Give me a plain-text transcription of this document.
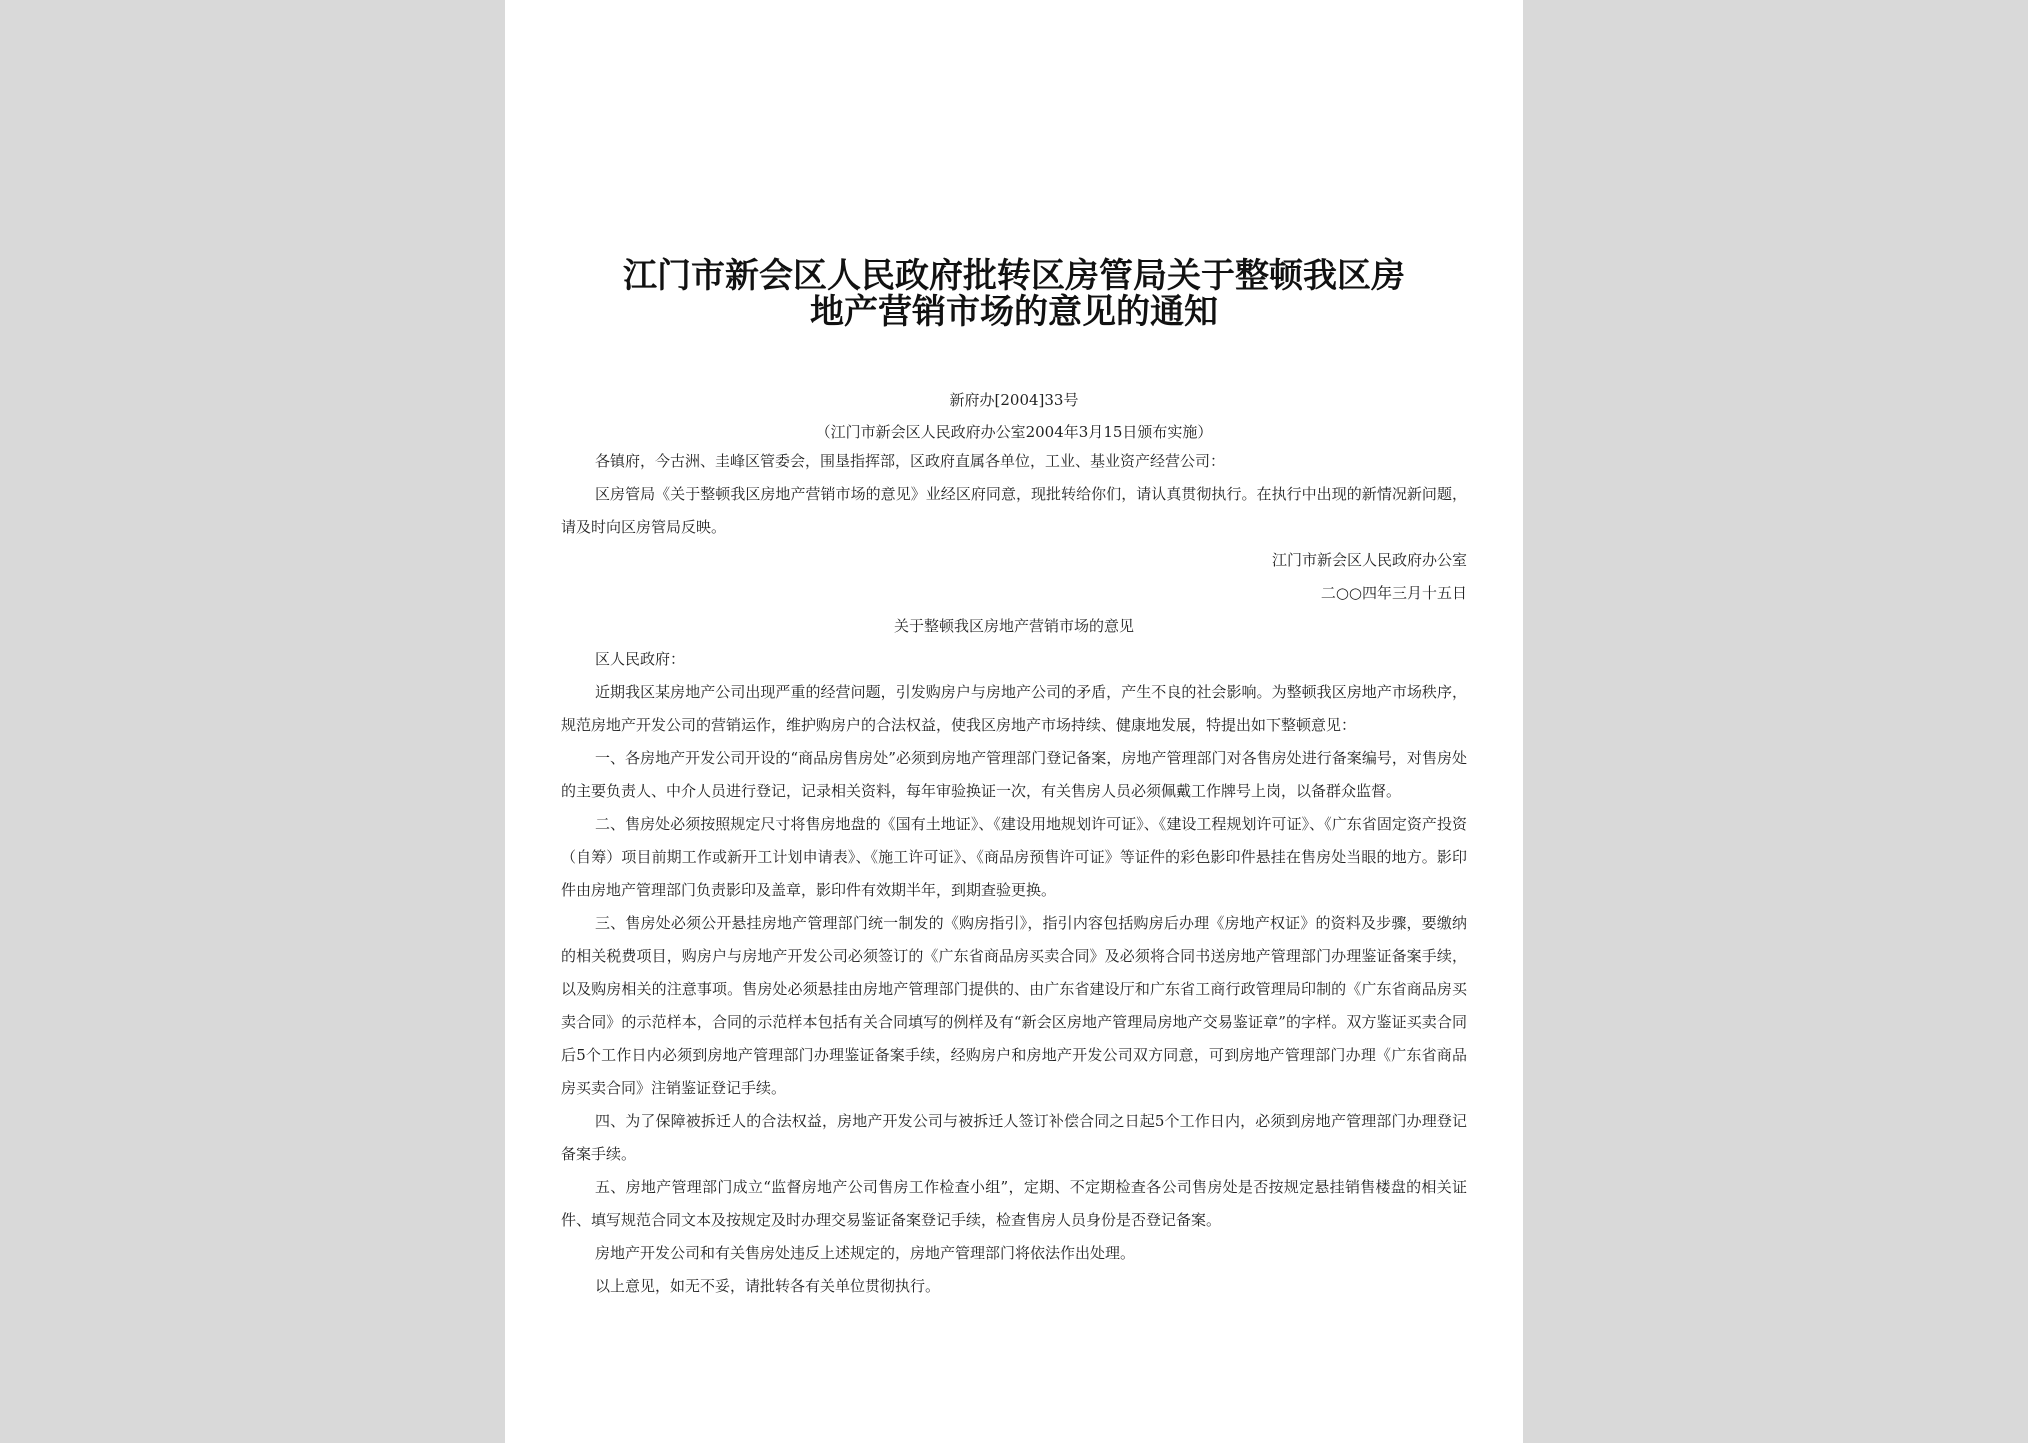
江门市新会区人民政府批转区房管局关于整顿我区房
地产营销市场的意见的通知
新府办[2004]33号
（江门市新会区人民政府办公室2004年3月15日颁布实施）

各镇府，今古洲、圭峰区管委会，围垦指挥部，区政府直属各单位，工业、基业资产经营公司：

区房管局《关于整顿我区房地产营销市场的意见》业经区府同意，现批转给你们，请认真贯彻执行。在执行中出现的新情况新问题，请及时向区房管局反映。

江门市新会区人民政府办公室

二○○四年三月十五日

关于整顿我区房地产营销市场的意见

区人民政府：

近期我区某房地产公司出现严重的经营问题，引发购房户与房地产公司的矛盾，产生不良的社会影响。为整顿我区房地产市场秩序，规范房地产开发公司的营销运作，维护购房户的合法权益，使我区房地产市场持续、健康地发展，特提出如下整顿意见：

一、各房地产开发公司开设的“商品房售房处”必须到房地产管理部门登记备案，房地产管理部门对各售房处进行备案编号，对售房处的主要负责人、中介人员进行登记，记录相关资料，每年审验换证一次，有关售房人员必须佩戴工作牌号上岗，以备群众监督。

二、售房处必须按照规定尺寸将售房地盘的《国有土地证》、《建设用地规划许可证》、《建设工程规划许可证》、《广东省固定资产投资（自筹）项目前期工作或新开工计划申请表》、《施工许可证》、《商品房预售许可证》等证件的彩色影印件悬挂在售房处当眼的地方。影印件由房地产管理部门负责影印及盖章，影印件有效期半年，到期查验更换。

三、售房处必须公开悬挂房地产管理部门统一制发的《购房指引》，指引内容包括购房后办理《房地产权证》的资料及步骤，要缴纳的相关税费项目，购房户与房地产开发公司必须签订的《广东省商品房买卖合同》及必须将合同书送房地产管理部门办理鉴证备案手续，以及购房相关的注意事项。售房处必须悬挂由房地产管理部门提供的、由广东省建设厅和广东省工商行政管理局印制的《广东省商品房买卖合同》的示范样本，合同的示范样本包括有关合同填写的例样及有“新会区房地产管理局房地产交易鉴证章”的字样。双方鉴证买卖合同后5个工作日内必须到房地产管理部门办理鉴证备案手续，经购房户和房地产开发公司双方同意，可到房地产管理部门办理《广东省商品房买卖合同》注销鉴证登记手续。

四、为了保障被拆迁人的合法权益，房地产开发公司与被拆迁人签订补偿合同之日起5个工作日内，必须到房地产管理部门办理登记备案手续。

五、房地产管理部门成立“监督房地产公司售房工作检查小组”，定期、不定期检查各公司售房处是否按规定悬挂销售楼盘的相关证件、填写规范合同文本及按规定及时办理交易鉴证备案登记手续，检查售房人员身份是否登记备案。

房地产开发公司和有关售房处违反上述规定的，房地产管理部门将依法作出处理。

以上意见，如无不妥，请批转各有关单位贯彻执行。
